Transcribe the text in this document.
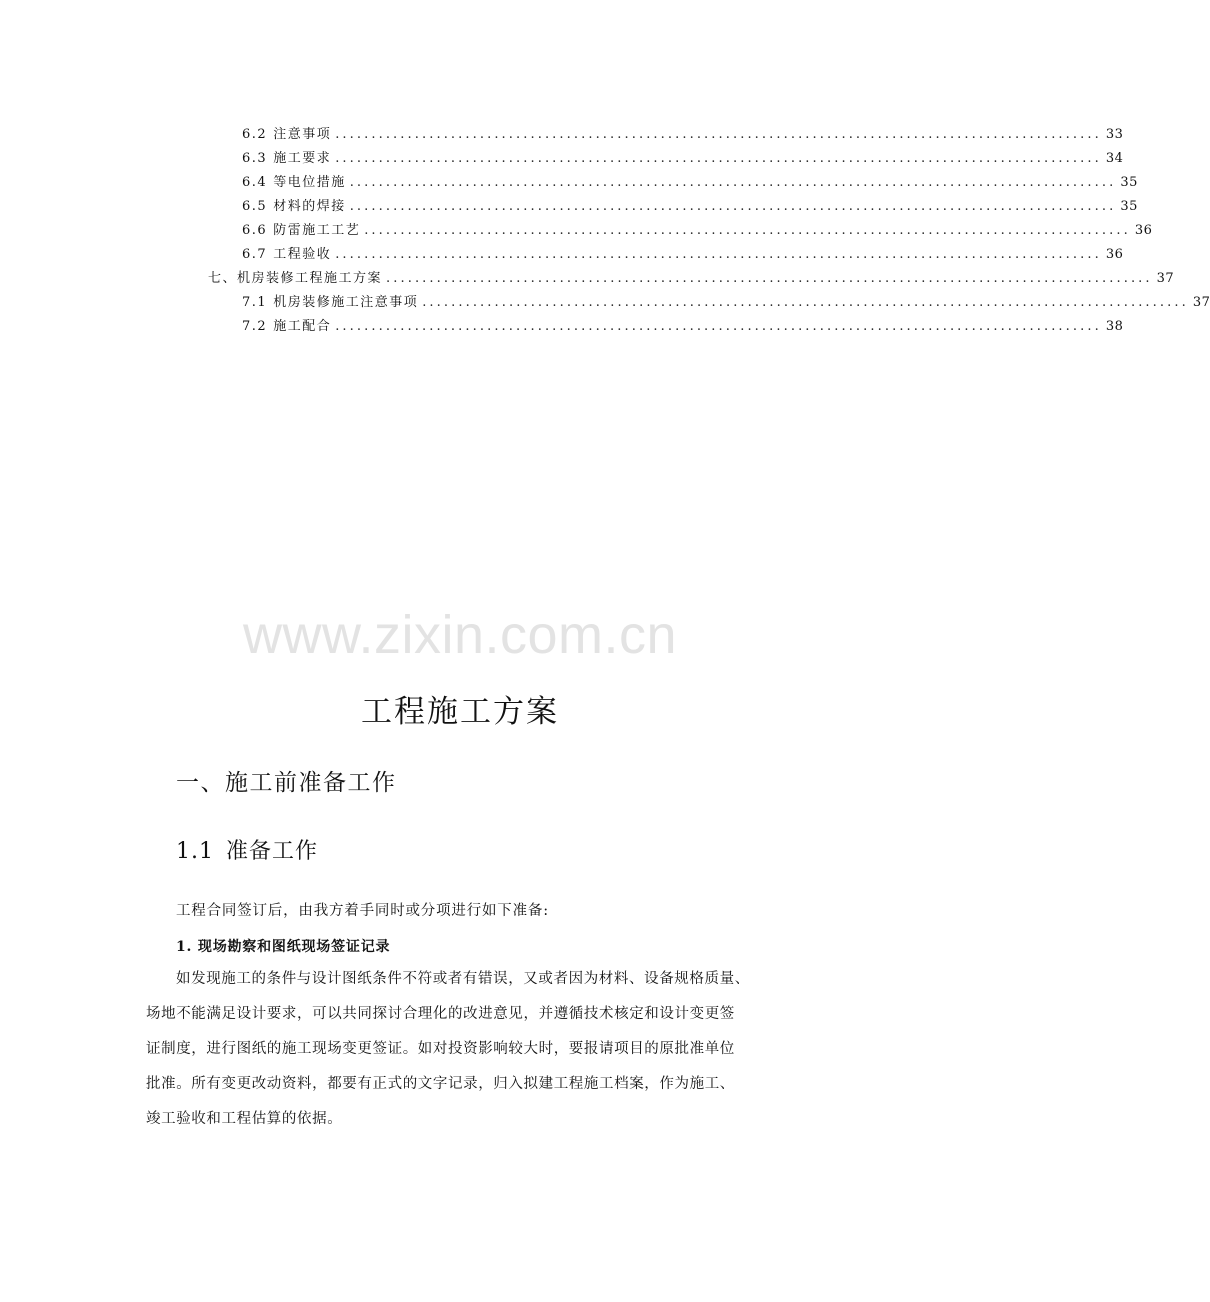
6.2 注意事项 .......................................................................................................... 33
6.3 施工要求 .......................................................................................................... 34
6.4 等电位措施 .......................................................................................................... 35
6.5 材料的焊接 .......................................................................................................... 35
6.6 防雷施工工艺 .......................................................................................................... 36
6.7 工程验收 .......................................................................................................... 36
七、机房装修工程施工方案 .......................................................................................................... 37
7.1 机房装修施工注意事项 .......................................................................................................... 37
7.2 施工配合 .......................................................................................................... 38
www.zixin.com.cn
工程施工方案
一、施工前准备工作
1.1 准备工作
工程合同签订后，由我方着手同时或分项进行如下准备:
1. 现场勘察和图纸现场签证记录
如发现施工的条件与设计图纸条件不符或者有错误，又或者因为材料、设备规格质量、
场地不能满足设计要求，可以共同探讨合理化的改进意见，并遵循技术核定和设计变更签
证制度，进行图纸的施工现场变更签证。如对投资影响较大时，要报请项目的原批准单位
批准。所有变更改动资料，都要有正式的文字记录，归入拟建工程施工档案，作为施工、
竣工验收和工程估算的依据。
